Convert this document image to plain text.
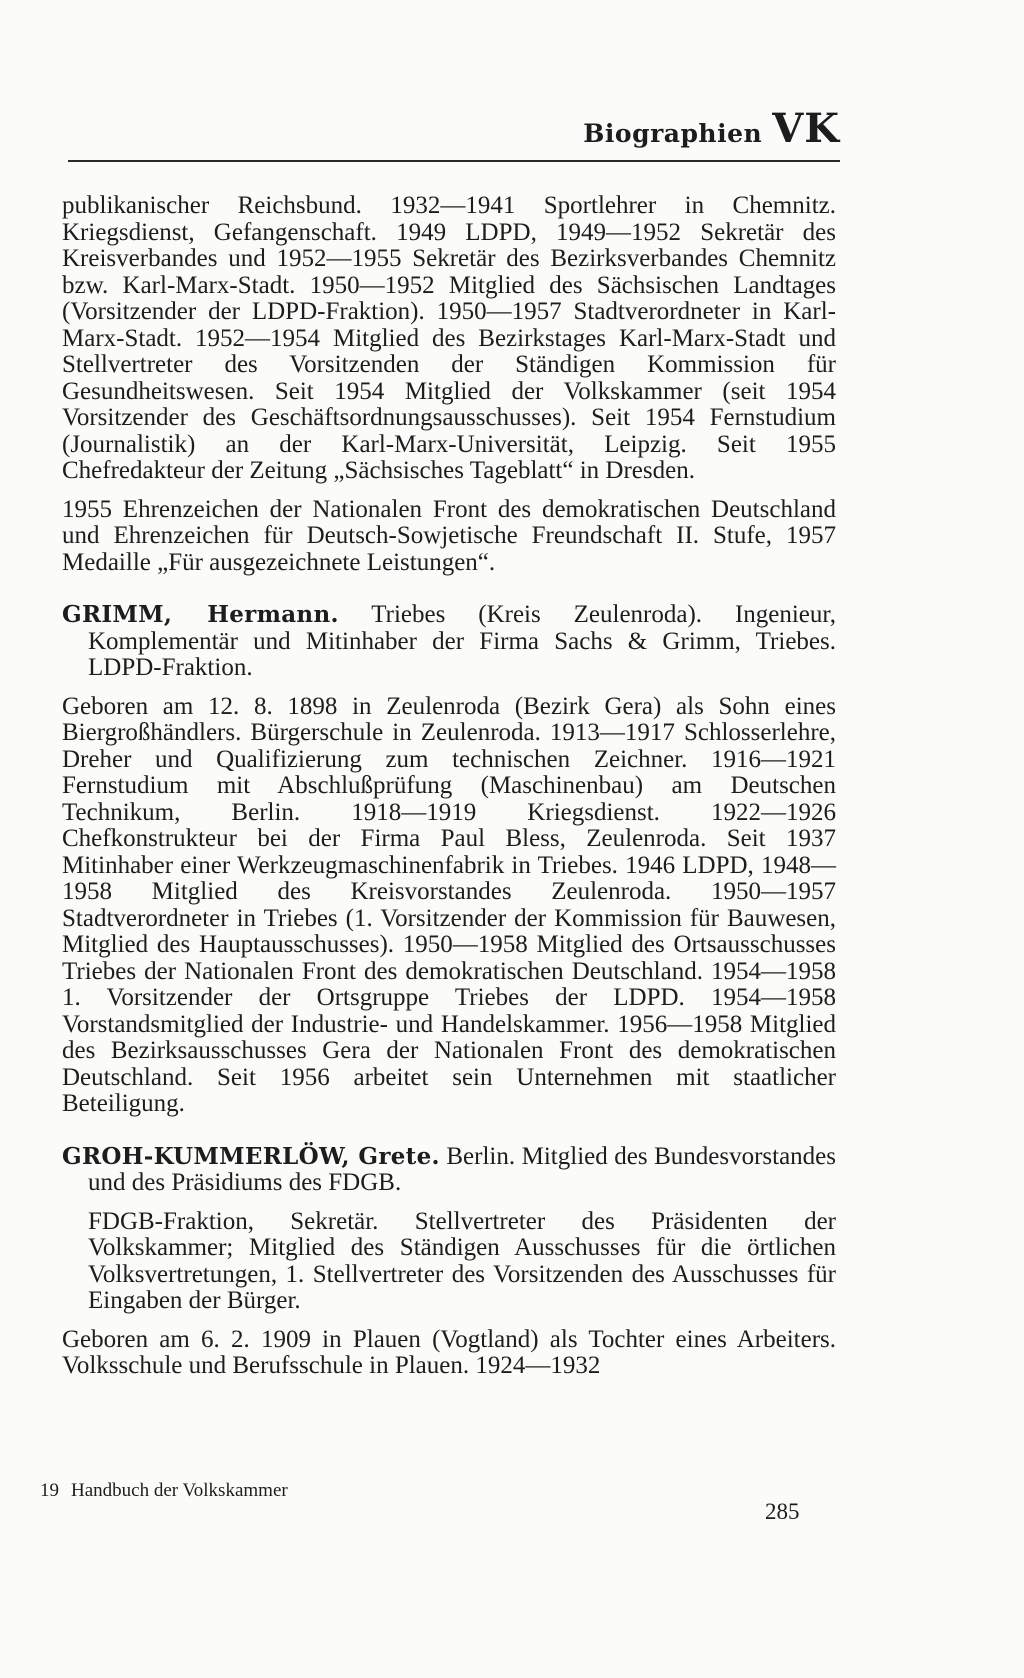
Biographien VK

publikanischer Reichsbund. 1932—1941 Sportlehrer in Chemnitz. Kriegsdienst, Gefangenschaft. 1949 LDPD, 1949—1952 Sekretär des Kreisverbandes und 1952—1955 Sekretär des Bezirksverbandes Chemnitz bzw. Karl-Marx-Stadt. 1950—1952 Mitglied des Sächsischen Landtages (Vorsitzender der LDPD-Fraktion). 1950—1957 Stadtverordneter in Karl-Marx-Stadt. 1952—1954 Mitglied des Bezirkstages Karl-Marx-Stadt und Stellvertreter des Vorsitzenden der Ständigen Kommission für Gesundheitswesen. Seit 1954 Mitglied der Volkskammer (seit 1954 Vorsitzender des Geschäftsordnungsausschusses). Seit 1954 Fernstudium (Journalistik) an der Karl-Marx-Universität, Leipzig. Seit 1955 Chefredakteur der Zeitung „Sächsisches Tageblatt“ in Dresden.

1955 Ehrenzeichen der Nationalen Front des demokratischen Deutschland und Ehrenzeichen für Deutsch-Sowjetische Freundschaft II. Stufe, 1957 Medaille „Für ausgezeichnete Leistungen“.

GRIMM, Hermann. Triebes (Kreis Zeulenroda). Ingenieur, Komplementär und Mitinhaber der Firma Sachs & Grimm, Triebes. LDPD-Fraktion.

Geboren am 12. 8. 1898 in Zeulenroda (Bezirk Gera) als Sohn eines Biergroßhändlers. Bürgerschule in Zeulenroda. 1913—1917 Schlosserlehre, Dreher und Qualifizierung zum technischen Zeichner. 1916—1921 Fernstudium mit Abschlußprüfung (Maschinenbau) am Deutschen Technikum, Berlin. 1918—1919 Kriegsdienst. 1922—1926 Chefkonstrukteur bei der Firma Paul Bless, Zeulenroda. Seit 1937 Mitinhaber einer Werkzeugmaschinenfabrik in Triebes. 1946 LDPD, 1948—1958 Mitglied des Kreisvorstandes Zeulenroda. 1950—1957 Stadtverordneter in Triebes (1. Vorsitzender der Kommission für Bauwesen, Mitglied des Hauptausschusses). 1950—1958 Mitglied des Ortsausschusses Triebes der Nationalen Front des demokratischen Deutschland. 1954—1958 1. Vorsitzender der Ortsgruppe Triebes der LDPD. 1954—1958 Vorstandsmitglied der Industrie- und Handelskammer. 1956—1958 Mitglied des Bezirksausschusses Gera der Nationalen Front des demokratischen Deutschland. Seit 1956 arbeitet sein Unternehmen mit staatlicher Beteiligung.

GROH-KUMMERLÖW, Grete. Berlin. Mitglied des Bundesvorstandes und des Präsidiums des FDGB.

FDGB-Fraktion, Sekretär. Stellvertreter des Präsidenten der Volkskammer; Mitglied des Ständigen Ausschusses für die örtlichen Volksvertretungen, 1. Stellvertreter des Vorsitzenden des Ausschusses für Eingaben der Bürger.

Geboren am 6. 2. 1909 in Plauen (Vogtland) als Tochter eines Arbeiters. Volksschule und Berufsschule in Plauen. 1924—1932

19 Handbuch der Volkskammer
285
